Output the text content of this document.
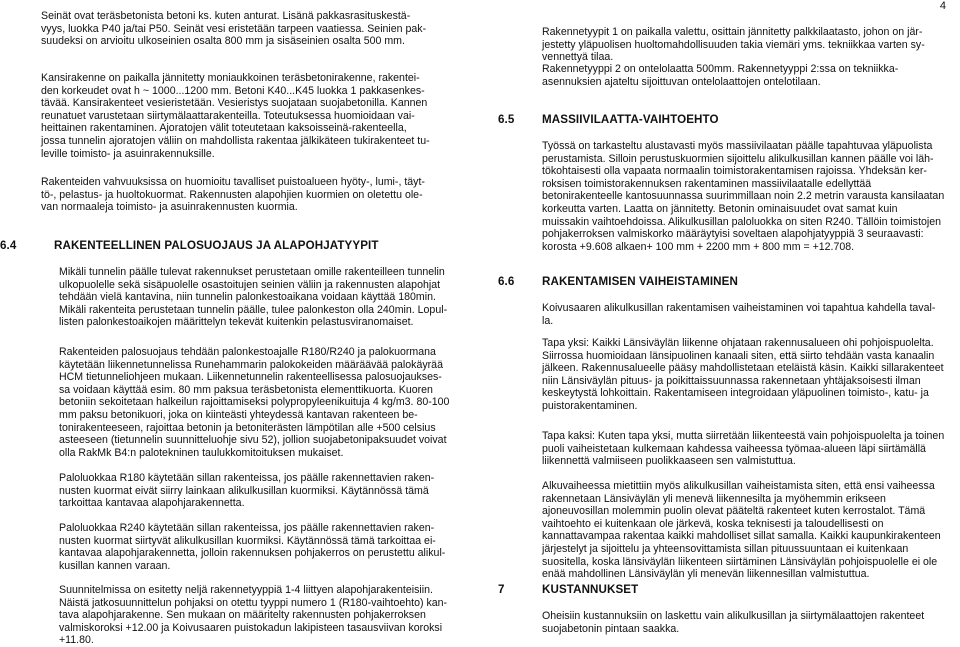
4

Seinät ovat teräsbetonista betoni ks. kuten anturat. Lisänä pakkasrasituskestä-vyys, luokka P40 ja/tai P50. Seinät vesi eristetään tarpeen vaatiessa. Seinien pak-suudeksi on arvioitu ulkoseinien osalta 800 mm ja sisäseinien osalta 500 mm.

Kansirakenne on paikalla jännitetty moniaukkoinen teräsbetonirakenne, rakentei-den korkeudet ovat h ~ 1000...1200 mm. Betoni K40...K45 luokka 1 pakkasenkes-tävää. Kansirakenteet vesieristetään. Vesieristys suojataan suojabetonilla. Kannen reunatuet varustetaan siirtymälaattarakenteilla. Toteutuksessa huomioidaan vai-heittainen rakentaminen. Ajoratojen välit toteutetaan kaksoisseinä-rakenteella, jossa tunnelin ajoratojen väliin on mahdollista rakentaa jälkikäteen tukirakenteet tu-leville toimisto- ja asuinrakennuksille.

Rakenteiden vahvuuksissa on huomioitu tavalliset puistoalueen hyöty-, lumi-, täyt-tö-, pelastus- ja huoltokuormat. Rakennusten alapohjien kuormien on oletettu ole-van normaaleja toimisto- ja asuinrakennusten kuormia.

6.4	RAKENTEELLINEN PALOSUOJAUS JA ALAPOHJATYYPIT

Mikäli tunnelin päälle tulevat rakennukset perustetaan omille rakenteilleen tunnelin ulkopuolelle sekä sisäpuolelle osastoitujen seinien väliin ja rakennusten alapohjat tehdään vielä kantavina, niin tunnelin palonkestoaikana voidaan käyttää 180min. Mikäli rakenteita perustetaan tunnelin päälle, tulee palonkeston olla 240min. Lopul-listen palonkestoaikojen määrittelyn tekevät kuitenkin pelastusviranomaiset.

Rakenteiden palosuojaus tehdään palonkestoajalle R180/R240 ja palokuormana käytetään liikennetunnelissa Runehammarin palokokeiden määräävää palokäyrää HCM tietunneliohjeen mukaan. Liikennetunnelin rakenteellisessa palosuojaukses-sa voidaan käyttää esim. 80 mm paksua teräsbetonista elementtikuorta. Kuoren betoniin sekoitetaan halkeilun rajoittamiseksi polypropyleenikuituja 4 kg/m3. 80-100 mm paksu betonikuori, joka on kiinteästi yhteydessä kantavan rakenteen be-tonirakenteeseen, rajoittaa betonin ja betoniterästen lämpötilan alle +500 celsius asteeseen (tietunnelin suunnitteluohje sivu 52), jollion suojabetonipaksuudet voivat olla RakMk B4:n palotekninen taulukkomitoituksen mukaiset.

Paloluokkaa R180 käytetään sillan rakenteissa, jos päälle rakennettavien raken-nusten kuormat eivät siirry lainkaan alikulkusillan kuormiksi. Käytännössä tämä tarkoittaa kantavaa alapohjarakennetta.

Paloluokkaa R240 käytetään sillan rakenteissa, jos päälle rakennettavien raken-nusten kuormat siirtyvät alikulkusillan kuormiksi. Käytännössä tämä tarkoittaa ei-kantavaa alapohjarakennetta, jolloin rakennuksen pohjakerros on perustettu alikul-kusillan kannen varaan.

Suunnitelmissa on esitetty neljä rakennetyyppiä 1-4 liittyen alapohjarakenteisiin. Näistä jatkosuunnittelun pohjaksi on otettu tyyppi numero 1 (R180-vaihtoehto) kan-tava alapohjarakenne. Sen mukaan on määritelty rakennusten pohjakerroksen valmiskoroksi +12.00 ja Koivusaaren puistokadun lakipisteen tasausviivan koroksi +11.80.

Rakennetyypit 1 on paikalla valettu, osittain jännitetty palkkilaatasto, johon on jär-jestetty yläpuolisen huoltomahdollisuuden takia viemäri yms. tekniikkaa varten sy-vennettyä tilaa.

Rakennetyyppi 2 on ontelolaatta 500mm. Rakennetyyppi 2:ssa on tekniikka-asennuksien ajateltu sijoittuvan ontelolaattojen ontelotilaan.

6.5 MASSIIVILAATTA-VAIHTOEHTO

Työssä on tarkasteltu alustavasti myös massiivilaatan päälle tapahtuvaa yläpuolista perustamista. Silloin perustuskuormien sijoittelu alikulkusillan kannen päälle voi läh-tökohtaisesti olla vapaata normaalin toimistorakentamisen rajoissa. Yhdeksän ker-roksisen toimistorakennuksen rakentaminen massiivilaatalle edellyttää betonirakenteelle kantosuunnassa suurimmillaan noin 2.2 metrin varausta kansilaatan korkeutta varten. Laatta on jännitetty. Betonin ominaisuudet ovat samat kuin muissakin vaihtoehdoissa. Alikulkusillan paloluokka on siten R240. Tällöin toimistojen pohjakerroksen valmiskorko määräytyisi soveltaen alapohjatyyppiä 3 seuraavasti: korosta +9.608 alkaen+ 100 mm + 2200 mm + 800 mm = +12.708.

6.6 RAKENTAMISEN VAIHEISTAMINEN

Koivusaaren alikulkusillan rakentamisen vaiheistaminen voi tapahtua kahdella taval-la.

Tapa yksi: Kaikki Länsiväylän liikenne ohjataan rakennusalueen ohi pohjoispuolelta. Siirrossa huomioidaan länsipuolinen kanaali siten, että siirto tehdään vasta kanaalin jälkeen. Rakennusalueelle pääsy mahdollistetaan eteläistä käsin. Kaikki sillarakenteet niin Länsiväylän pituus- ja poikittaissuunnassa rakennetaan yhtäjaksoisesti ilman keskeytystä lohkoittain. Rakentamiseen integroidaan yläpuolinen toimisto-, katu- ja puistorakentaminen.

Tapa kaksi: Kuten tapa yksi, mutta siirretään liikenteestä vain pohjoispuolelta ja toinen puoli vaiheistetaan kulkemaan kahdessa vaiheessa työmaa-alueen läpi siirtämällä liikennettä valmiiseen puolikkaaseen sen valmistuttua.

Alkuvaiheessa mietittiin myös alikulkusillan vaiheistamista siten, että ensi vaiheessa rakennetaan Länsiväylän yli menevä liikennesilta ja myöhemmin erikseen ajoneuvosillan molemmin puolin olevat pääteltä rakenteet kuten kerrostalot. Tämä vaihtoehto ei kuitenkaan ole järkevä, koska teknisesti ja taloudellisesti on kannattavampaa rakentaa kaikki mahdolliset sillat samalla. Kaikki kaupunkirakenteen järjestelyt ja sijoittelu ja yhteensovittamista sillan pituussuuntaan ei kuitenkaan suositella, koska länsiväylän liikenteen siirtäminen Länsiväylän pohjoispuolelle ei ole enää mahdollinen Länsiväylän yli menevän liikennesillan valmistuttua.

7	KUSTANNUKSET

Oheisiin kustannuksiin on laskettu vain alikulkusillan ja siirtymälaattojen rakenteet suojabetonin pintaan saakka.
